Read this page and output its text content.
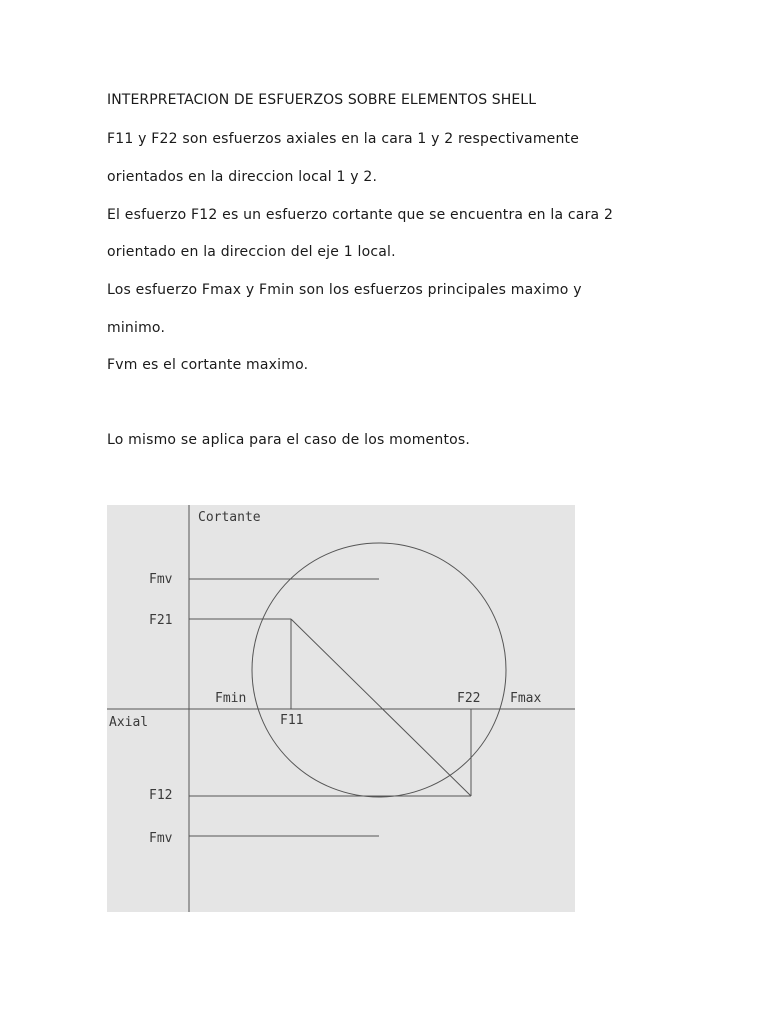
INTERPRETACION DE ESFUERZOS SOBRE ELEMENTOS SHELL
F11 y F22 son esfuerzos axiales en la cara 1 y 2 respectivamente
orientados en la direccion local 1 y 2.
El esfuerzo F12 es un esfuerzo cortante que se encuentra en la cara 2
orientado en la direccion del eje 1 local.
Los esfuerzo Fmax y Fmin son los esfuerzos principales maximo y
minimo.
Fvm es el cortante maximo.
Lo mismo se aplica para el caso de los momentos.
Cortante
Axial
Fmv
F21
Fmin
F11
F22 Fmax
F12
Fmv
